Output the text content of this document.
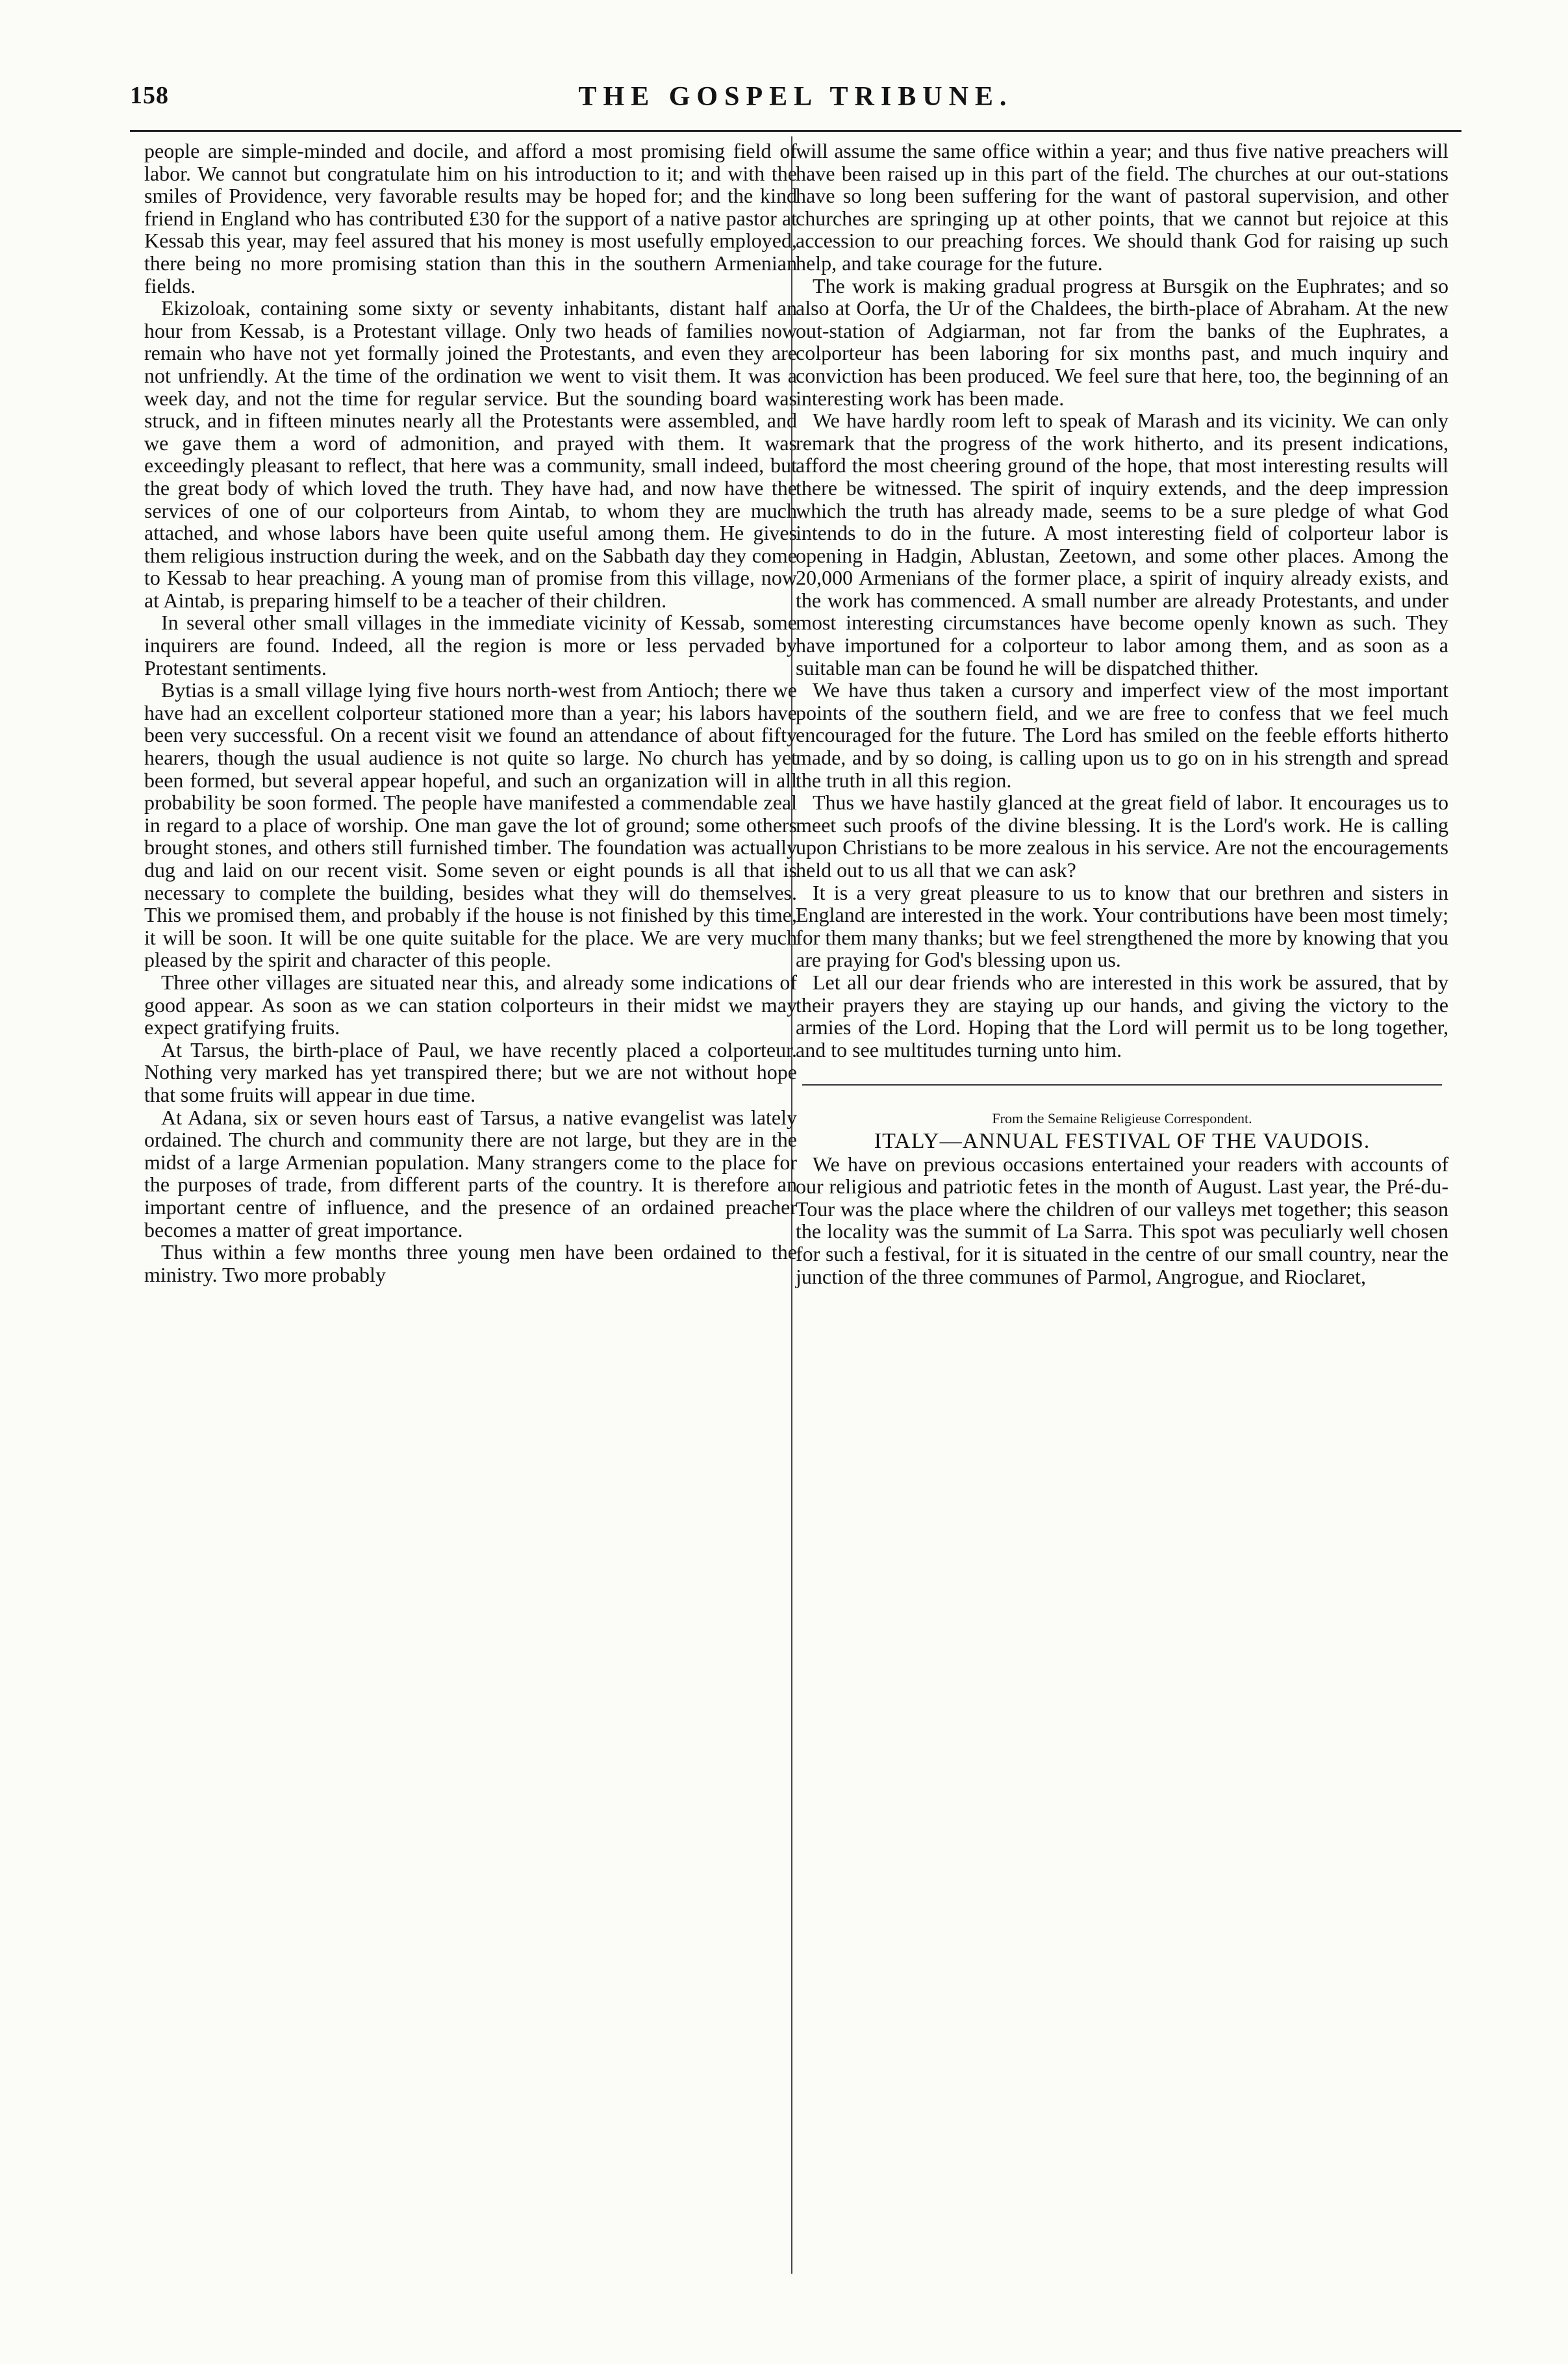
158	THE GOSPEL TRIBUNE.

people are simple-minded and docile, and afford a most promising field of labor. We cannot but congratulate him on his introduction to it; and with the smiles of Providence, very favorable results may be hoped for; and the kind friend in England who has contributed £30 for the support of a native pastor at Kessab this year, may feel assured that his money is most usefully employed, there being no more promising station than this in the southern Armenian fields.

Ekizoloak, containing some sixty or seventy inhabitants, distant half an hour from Kessab, is a Protestant village. Only two heads of families now remain who have not yet formally joined the Protestants, and even they are not unfriendly. At the time of the ordination we went to visit them. It was a week day, and not the time for regular service. But the sounding board was struck, and in fifteen minutes nearly all the Protestants were assembled, and we gave them a word of admonition, and prayed with them. It was exceedingly pleasant to reflect, that here was a community, small indeed, but the great body of which loved the truth. They have had, and now have the services of one of our colporteurs from Aintab, to whom they are much attached, and whose labors have been quite useful among them. He gives them religious instruction during the week, and on the Sabbath day they come to Kessab to hear preaching. A young man of promise from this village, now at Aintab, is preparing himself to be a teacher of their children.

In several other small villages in the immediate vicinity of Kessab, some inquirers are found. Indeed, all the region is more or less pervaded by Protestant sentiments.

Bytias is a small village lying five hours north-west from Antioch; there we have had an excellent colporteur stationed more than a year; his labors have been very successful. On a recent visit we found an attendance of about fifty hearers, though the usual audience is not quite so large. No church has yet been formed, but several appear hopeful, and such an organization will in all probability be soon formed. The people have manifested a commendable zeal in regard to a place of worship. One man gave the lot of ground; some others brought stones, and others still furnished timber. The foundation was actually dug and laid on our recent visit. Some seven or eight pounds is all that is necessary to complete the building, besides what they will do themselves. This we promised them, and probably if the house is not finished by this time, it will be soon. It will be one quite suitable for the place. We are very much pleased by the spirit and character of this people.

Three other villages are situated near this, and already some indications of good appear. As soon as we can station colporteurs in their midst we may expect gratifying fruits.

At Tarsus, the birth-place of Paul, we have recently placed a colporteur. Nothing very marked has yet transpired there; but we are not without hope that some fruits will appear in due time.

At Adana, six or seven hours east of Tarsus, a native evangelist was lately ordained. The church and community there are not large, but they are in the midst of a large Armenian population. Many strangers come to the place for the purposes of trade, from different parts of the country. It is therefore an important centre of influence, and the presence of an ordained preacher becomes a matter of great importance.

Thus within a few months three young men have been ordained to the ministry. Two more probably

will assume the same office within a year; and thus five native preachers will have been raised up in this part of the field. The churches at our out-stations have so long been suffering for the want of pastoral supervision, and other churches are springing up at other points, that we cannot but rejoice at this accession to our preaching forces. We should thank God for raising up such help, and take courage for the future.

The work is making gradual progress at Bursgik on the Euphrates; and so also at Oorfa, the Ur of the Chaldees, the birth-place of Abraham. At the new out-station of Adgiarman, not far from the banks of the Euphrates, a colporteur has been laboring for six months past, and much inquiry and conviction has been produced. We feel sure that here, too, the beginning of an interesting work has been made.

We have hardly room left to speak of Marash and its vicinity. We can only remark that the progress of the work hitherto, and its present indications, afford the most cheering ground of the hope, that most interesting results will there be witnessed. The spirit of inquiry extends, and the deep impression which the truth has already made, seems to be a sure pledge of what God intends to do in the future. A most interesting field of colporteur labor is opening in Hadgin, Ablustan, Zeetown, and some other places. Among the 20,000 Armenians of the former place, a spirit of inquiry already exists, and the work has commenced. A small number are already Protestants, and under most interesting circumstances have become openly known as such. They have importuned for a colporteur to labor among them, and as soon as a suitable man can be found he will be dispatched thither.

We have thus taken a cursory and imperfect view of the most important points of the southern field, and we are free to confess that we feel much encouraged for the future. The Lord has smiled on the feeble efforts hitherto made, and by so doing, is calling upon us to go on in his strength and spread the truth in all this region.

Thus we have hastily glanced at the great field of labor. It encourages us to meet such proofs of the divine blessing. It is the Lord's work. He is calling upon Christians to be more zealous in his service. Are not the encouragements held out to us all that we can ask?

It is a very great pleasure to us to know that our brethren and sisters in England are interested in the work. Your contributions have been most timely; for them many thanks; but we feel strengthened the more by knowing that you are praying for God's blessing upon us.

Let all our dear friends who are interested in this work be assured, that by their prayers they are staying up our hands, and giving the victory to the armies of the Lord. Hoping that the Lord will permit us to be long together, and to see multitudes turning unto him.

From the Semaine Religieuse Correspondent.

ITALY—ANNUAL FESTIVAL OF THE VAUDOIS.

We have on previous occasions entertained your readers with accounts of our religious and patriotic fetes in the month of August. Last year, the Pré-du-Tour was the place where the children of our valleys met together; this season the locality was the summit of La Sarra. This spot was peculiarly well chosen for such a festival, for it is situated in the centre of our small country, near the junction of the three communes of Parmol, Angrogue, and Rioclaret,
